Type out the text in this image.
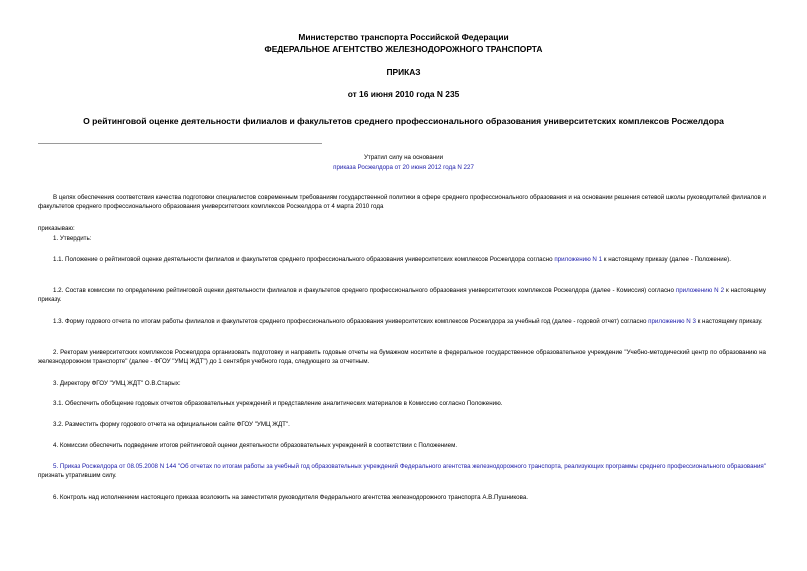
Министерство транспорта Российской Федерации
ФЕДЕРАЛЬНОЕ АГЕНТСТВО ЖЕЛЕЗНОДОРОЖНОГО ТРАНСПОРТА
ПРИКАЗ
от 16 июня 2010 года N 235
О рейтинговой оценке деятельности филиалов и факультетов среднего профессионального образования университетских комплексов Росжелдора
Утратил силу на основании
приказа Росжелдора от 20 июня 2012 года N 227
В целях обеспечения соответствия качества подготовки специалистов современным требованиям государственной политики в сфере среднего профессионального образования и на основании решения сетевой школы руководителей филиалов и факультетов среднего профессионального образования университетских комплексов Росжелдора от 4 марта 2010 года
приказываю:
1. Утвердить:
1.1. Положение о рейтинговой оценке деятельности филиалов и факультетов среднего профессионального образования университетских комплексов Росжелдора согласно приложению N 1 к настоящему приказу (далее - Положение).
1.2. Состав комиссии по определению рейтинговой оценки деятельности филиалов и факультетов среднего профессионального образования университетских комплексов Росжелдора (далее - Комиссия) согласно приложению N 2 к настоящему приказу.
1.3. Форму годового отчета по итогам работы филиалов и факультетов среднего профессионального образования университетских комплексов Росжелдора за учебный год (далее - годовой отчет) согласно приложению N 3 к настоящему приказу.
2. Ректорам университетских комплексов Росжелдора организовать подготовку и направить годовые отчеты на бумажном носителе в федеральное государственное образовательное учреждение "Учебно-методический центр по образованию на железнодорожном транспорте" (далее - ФГОУ "УМЦ ЖДТ") до 1 сентября учебного года, следующего за отчетным.
3. Директору ФГОУ "УМЦ ЖДТ" О.В.Старых:
3.1. Обеспечить обобщение годовых отчетов образовательных учреждений и представление аналитических материалов в Комиссию согласно Положению.
3.2. Разместить форму годового отчета на официальном сайте ФГОУ "УМЦ ЖДТ".
4. Комиссии обеспечить подведение итогов рейтинговой оценки деятельности образовательных учреждений в соответствии с Положением.
5. Приказ Росжелдора от 08.05.2008 N 144 "Об отчетах по итогам работы за учебный год образовательных учреждений Федерального агентства железнодорожного транспорта, реализующих программы среднего профессионального образования" признать утратившим силу.
6. Контроль над исполнением настоящего приказа возложить на заместителя руководителя Федерального агентства железнодорожного транспорта А.В.Пушникова.
